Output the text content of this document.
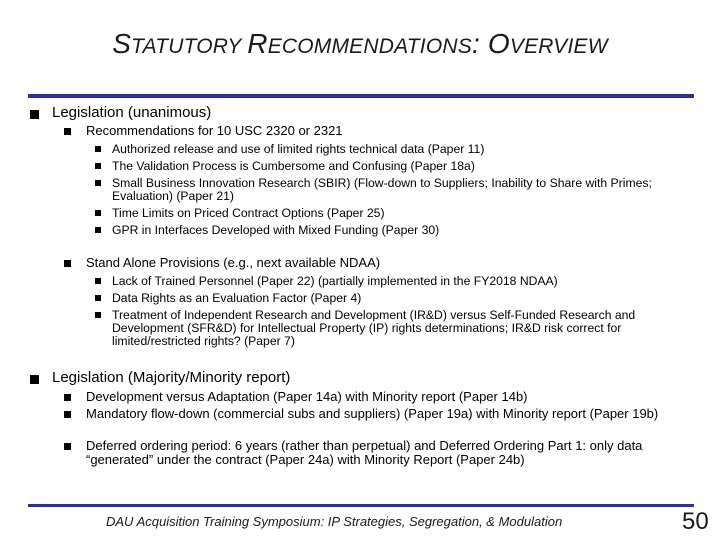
STATUTORY RECOMMENDATIONS: OVERVIEW
Legislation (unanimous)
Recommendations for 10 USC 2320 or 2321
Authorized release and use of limited rights technical data (Paper 11)
The Validation Process is Cumbersome and Confusing (Paper 18a)
Small Business Innovation Research (SBIR) (Flow-down to Suppliers; Inability to Share with Primes; Evaluation) (Paper 21)
Time Limits on Priced Contract Options (Paper 25)
GPR in Interfaces Developed with Mixed Funding (Paper 30)
Stand Alone Provisions (e.g., next available NDAA)
Lack of Trained Personnel (Paper 22) (partially implemented in the FY2018 NDAA)
Data Rights as an Evaluation Factor (Paper 4)
Treatment of Independent Research and Development (IR&D) versus Self-Funded Research and Development (SFR&D) for Intellectual Property (IP) rights determinations; IR&D risk correct for limited/restricted rights? (Paper 7)
Legislation (Majority/Minority report)
Development versus Adaptation (Paper 14a) with Minority report (Paper 14b)
Mandatory flow-down (commercial subs and suppliers) (Paper 19a) with Minority report (Paper 19b)
Deferred ordering period: 6 years (rather than perpetual) and Deferred Ordering Part 1: only data “generated” under the contract (Paper 24a) with Minority Report (Paper 24b)
DAU Acquisition Training Symposium: IP Strategies, Segregation, & Modulation	50
